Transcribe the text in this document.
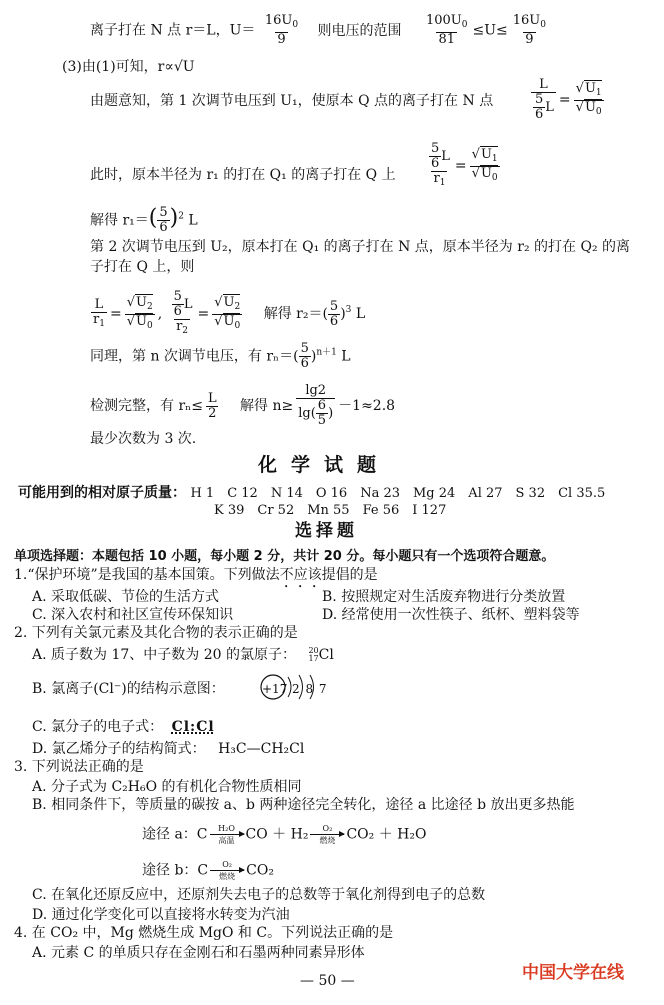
离子打在 N 点 r＝L，$U= \frac{16U_0}{9}$ 则电压的范围 $\frac{100U_0}{81} \le U\le \frac{16U_0}{9}$
(3)由(1)可知，r∝√U
由题意知，第 1 次调节电压到 U₁，使原本 Q 点的离子打在 N 点	$\frac{L}{\frac{5}{6} L} = \frac{√U_1}{√U_0}$
此时，原本半径为 r₁ 的打在 Q₁ 的离子打在 Q 上 $\frac{\frac{5}{6} L}{r_1} = \frac{√U_1}{√U_0}$
解得 $r_1=( \frac{5}{6} )^2$ L
第 2 次调节电压到 U₂，原本打在 Q₁ 的离子打在 N 点，原本半径为 r₂ 的打在 Q₂ 的离
子打在 Q 上，则
$\frac{L}{r_1} = \frac{√U_2}{√U_0}$ , $\frac{\frac{5}{6} L}{r_2} = \frac{√U_2}{√U_0}$ 解得 $r_2=( \frac{5}{6} )^3$ L
同理，第 n 次调节电压，有 $r_n=( \frac{5}{6} )^{n+1}$ L
检测完整，有 $r_n\le \frac{L}{2}$ 解得 $n\ge \frac{\lg 2}{\lg( \frac{6}{5} )} -1\approx 2.8$
最少次数为 3 次.
化学试题
可能用到的相对原子质量： H 1　C 12　N 14　O 16　Na 23　Mg 24　Al 27　S 32　Cl 35.5
K 39　Cr 52　Mn 55　Fe 56　I 127
选择题
单项选择题：本题包括 10 小题，每小题 2 分，共计 20 分。每小题只有一个选项符合题意。
1.“保护环境”是我国的基本国策。下列做法不应该提倡的是
A. 采取低碳、节俭的生活方式	B. 按照规定对生活废弃物进行分类放置
C. 深入农村和社区宣传环保知识	D. 经常使用一次性筷子、纸杯、塑料袋等
2. 下列有关氯元素及其化合物的表示正确的是
A. 质子数为 17、中子数为 20 的氯原子： 20
17 Cl
B. 氯离子(Cl⁻)的结构示意图：	+17 2 8 7
C. 氯分子的电子式： Cl:Cl
D. 氯乙烯分子的结构简式： H₃C—CH₂Cl
3. 下列说法正确的是
A. 分子式为 C₂H₆O 的有机化合物性质相同
B. 相同条件下，等质量的碳按 a、b 两种途径完全转化，途径 a 比途径 b 放出更多热能
途径 a：C H₂O
高温 CO ＋ H₂ O₂
燃烧 CO₂ ＋ H₂O
途径 b：C O₂
燃烧 CO₂
C. 在氧化还原反应中，还原剂失去电子的总数等于氧化剂得到电子的总数
D. 通过化学变化可以直接将水转变为汽油
4. 在 CO₂ 中，Mg 燃烧生成 MgO 和 C。下列说法正确的是
A. 元素 C 的单质只存在金刚石和石墨两种同素异形体
— 50 —	中国大学在线
